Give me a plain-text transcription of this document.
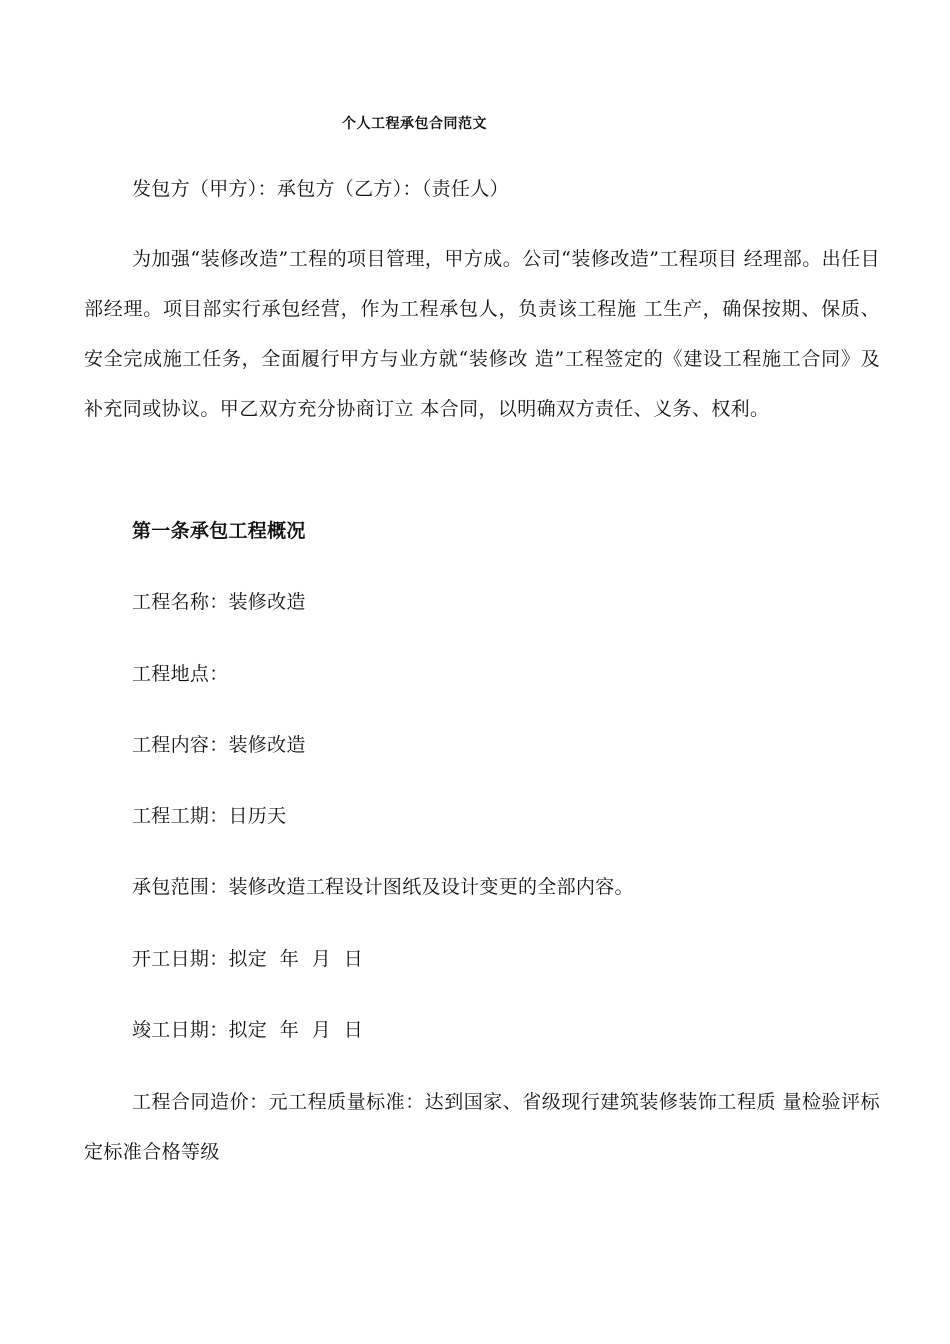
个人工程承包合同范文
发包方（甲方）：承包方（乙方）：（责任人）
为加强“装修改造”工程的项目管理，甲方成。公司“装修改造”工程项目 经理部。出任目部经理。项目部实行承包经营，作为工程承包人，负责该工程施 工生产，确保按期、保质、安全完成施工任务，全面履行甲方与业方就“装修改 造”工程签定的《建设工程施工合同》及补充同或协议。甲乙双方充分协商订立 本合同，以明确双方责任、义务、权利。
第一条承包工程概况
工程名称：装修改造
工程地点：
工程内容：装修改造
工程工期：日历天
承包范围：装修改造工程设计图纸及设计变更的全部内容。
开工日期：拟定  年  月  日
竣工日期：拟定  年  月  日
工程合同造价：元工程质量标准：达到国家、省级现行建筑装修装饰工程质 量检验评标定标准合格等级
